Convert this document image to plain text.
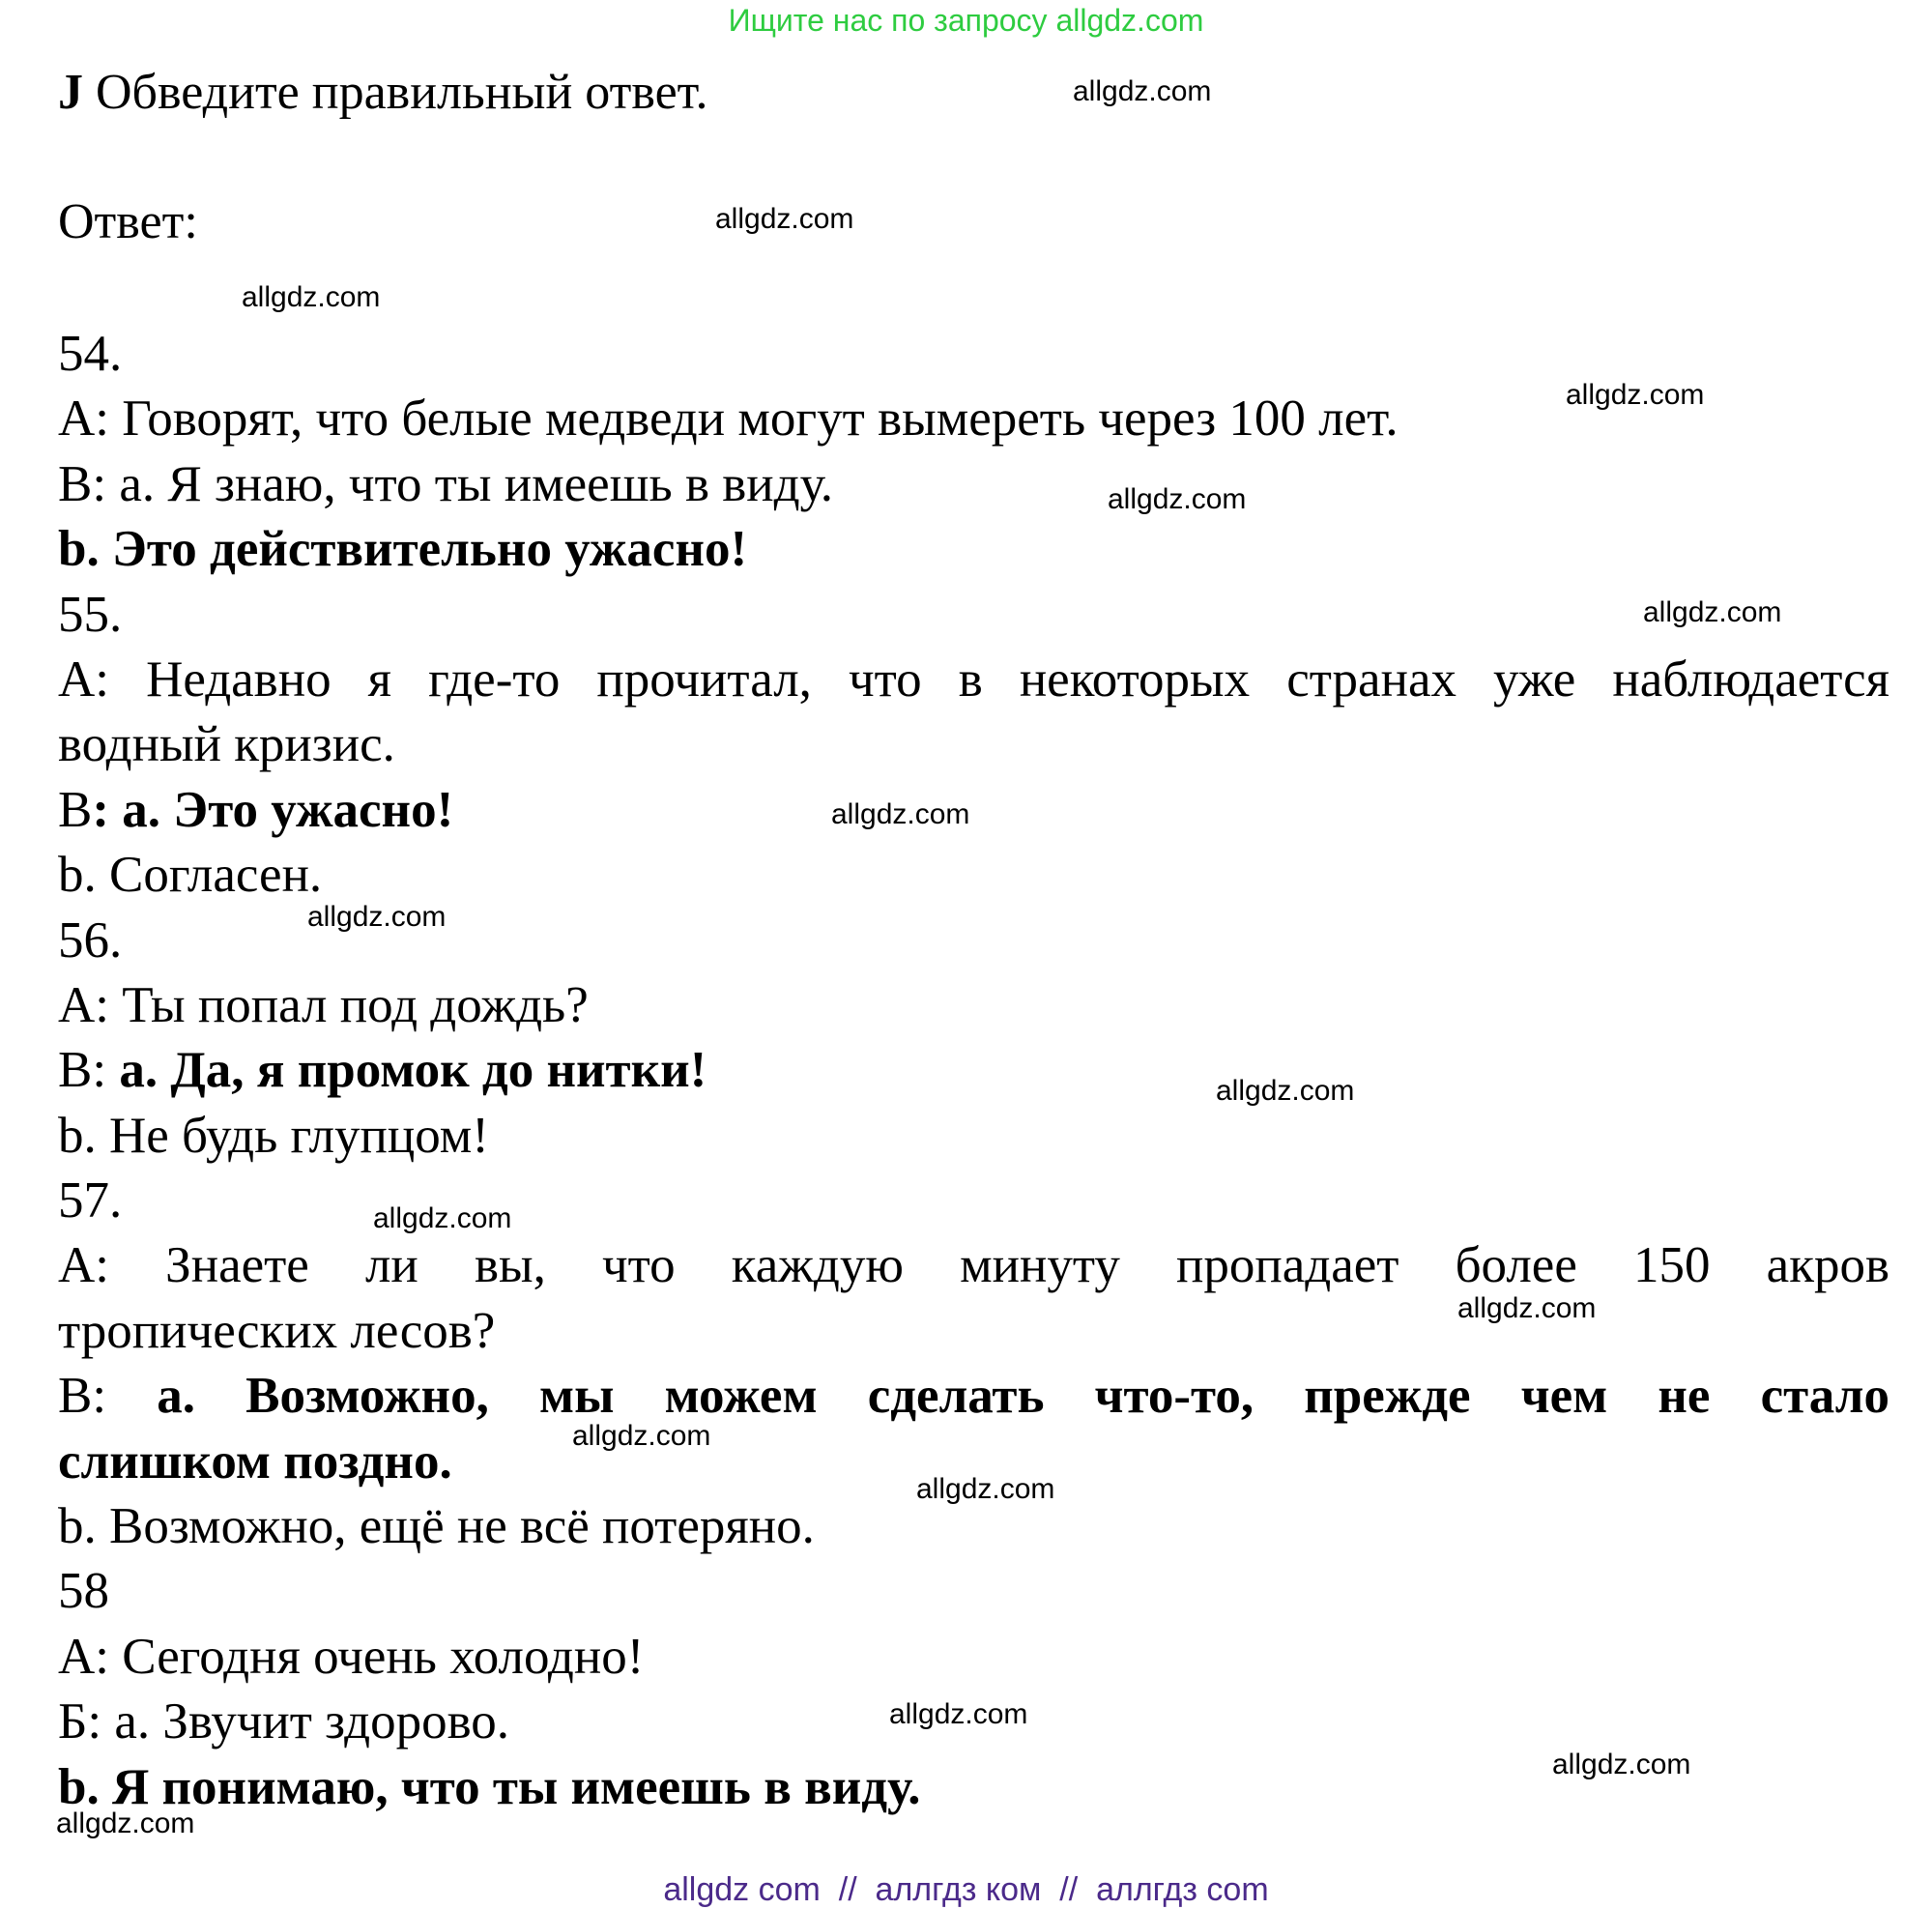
Ищите нас по запросу allgdz.com
J Обведите правильный ответ.
Ответ:
54.
A: Говорят, что белые медведи могут вымереть через 100 лет.
B: a. Я знаю, что ты имеешь в виду.
b. Это действительно ужасно!
55.
A: Недавно я где-то прочитал, что в некоторых странах уже наблюдается
водный кризис.
B: a. Это ужасно!
b. Согласен.
56.
A: Ты попал под дождь?
B: a. Да, я промок до нитки!
b. Не будь глупцом!
57.
A: Знаете ли вы, что каждую минуту пропадает более 150 акров
тропических лесов?
B: a. Возможно, мы можем сделать что-то, прежде чем не стало
слишком поздно.
b. Возможно, ещё не всё потеряно.
58
A: Сегодня очень холодно!
Б: a. Звучит здорово.
b. Я понимаю, что ты имеешь в виду.
allgdz.com
allgdz.com
allgdz.com
allgdz.com
allgdz.com
allgdz.com
allgdz.com
allgdz.com
allgdz.com
allgdz.com
allgdz.com
allgdz.com
allgdz.com
allgdz.com
allgdz.com
allgdz.com
allgdz com  //  аллгдз ком  //  аллгдз com
